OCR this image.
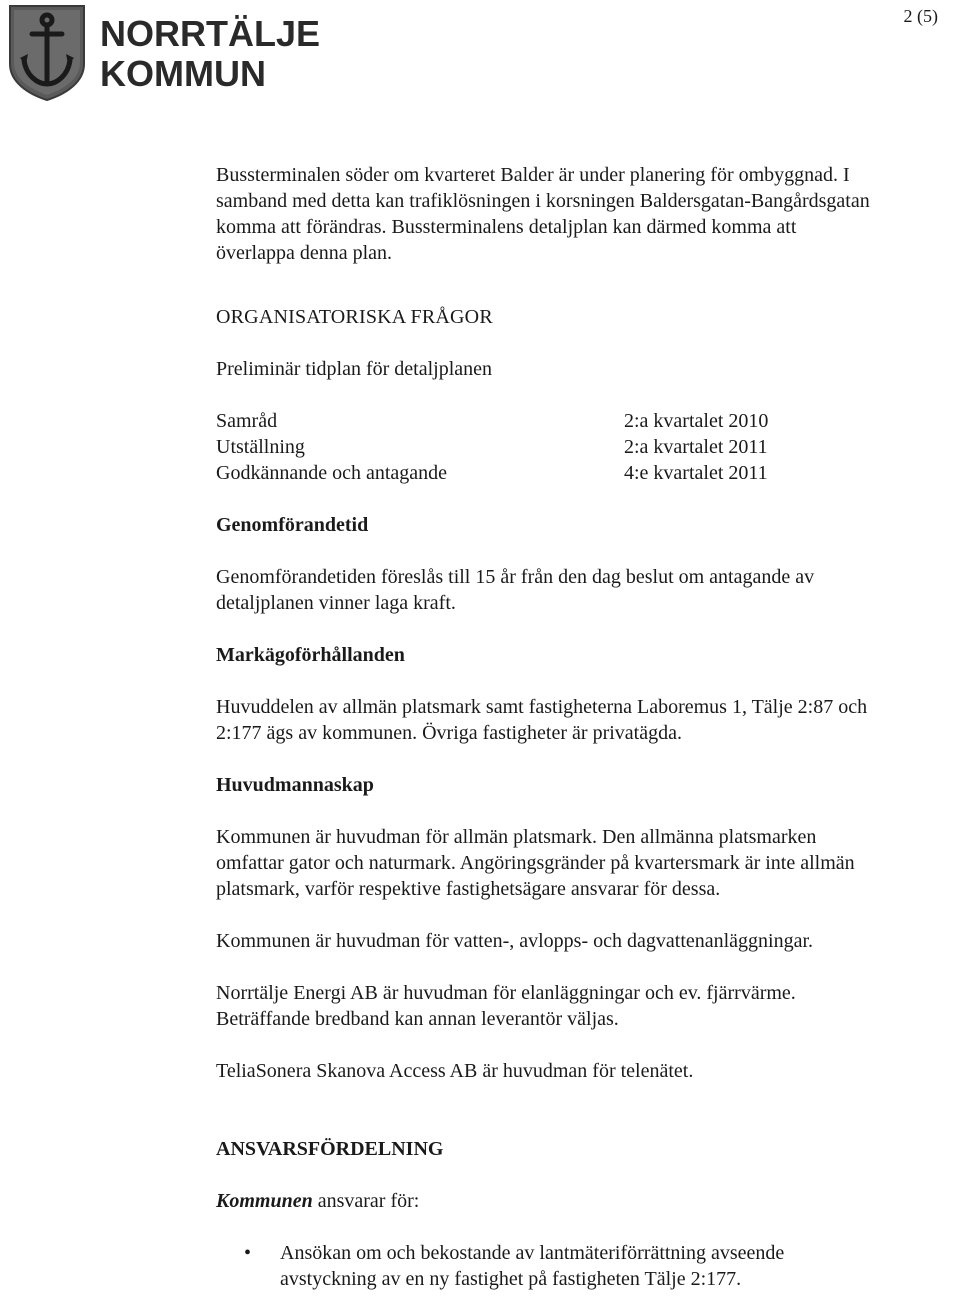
NORRTÄLJE
KOMMUN
2 (5)

Bussterminalen söder om kvarteret Balder är under planering för ombyggnad. I

samband med detta kan trafiklösningen i korsningen Baldersgatan-Bangårdsgatan

komma att förändras. Bussterminalens detaljplan kan därmed komma att

överlappa denna plan.

ORGANISATORISKA FRÅGOR
Preliminär tidplan för detaljplanen
Samråd	2:a kvartalet 2010
Utställning	2:a kvartalet 2011
Godkännande och antagande	4:e kvartalet 2011
Genomförandetid

Genomförandetiden föreslås till 15 år från den dag beslut om antagande av

detaljplanen vinner laga kraft.

Markägoförhållanden

Huvuddelen av allmän platsmark samt fastigheterna Laboremus 1, Tälje 2:87 och

2:177 ägs av kommunen. Övriga fastigheter är privatägda.

Huvudmannaskap

Kommunen är huvudman för allmän platsmark. Den allmänna platsmarken

omfattar gator och naturmark. Angöringsgränder på kvartersmark är inte allmän

platsmark, varför respektive fastighetsägare ansvarar för dessa.

Kommunen är huvudman för vatten-, avlopps- och dagvattenanläggningar.

Norrtälje Energi AB är huvudman för elanläggningar och ev. fjärrvärme.

Beträffande bredband kan annan leverantör väljas.

TeliaSonera Skanova Access AB är huvudman för telenätet.

ANSVARSFÖRDELNING

Kommunen ansvarar för:

• Ansökan om och bekostande av lantmäteriförrättning avseende
avstyckning av en ny fastighet på fastigheten Tälje 2:177.
